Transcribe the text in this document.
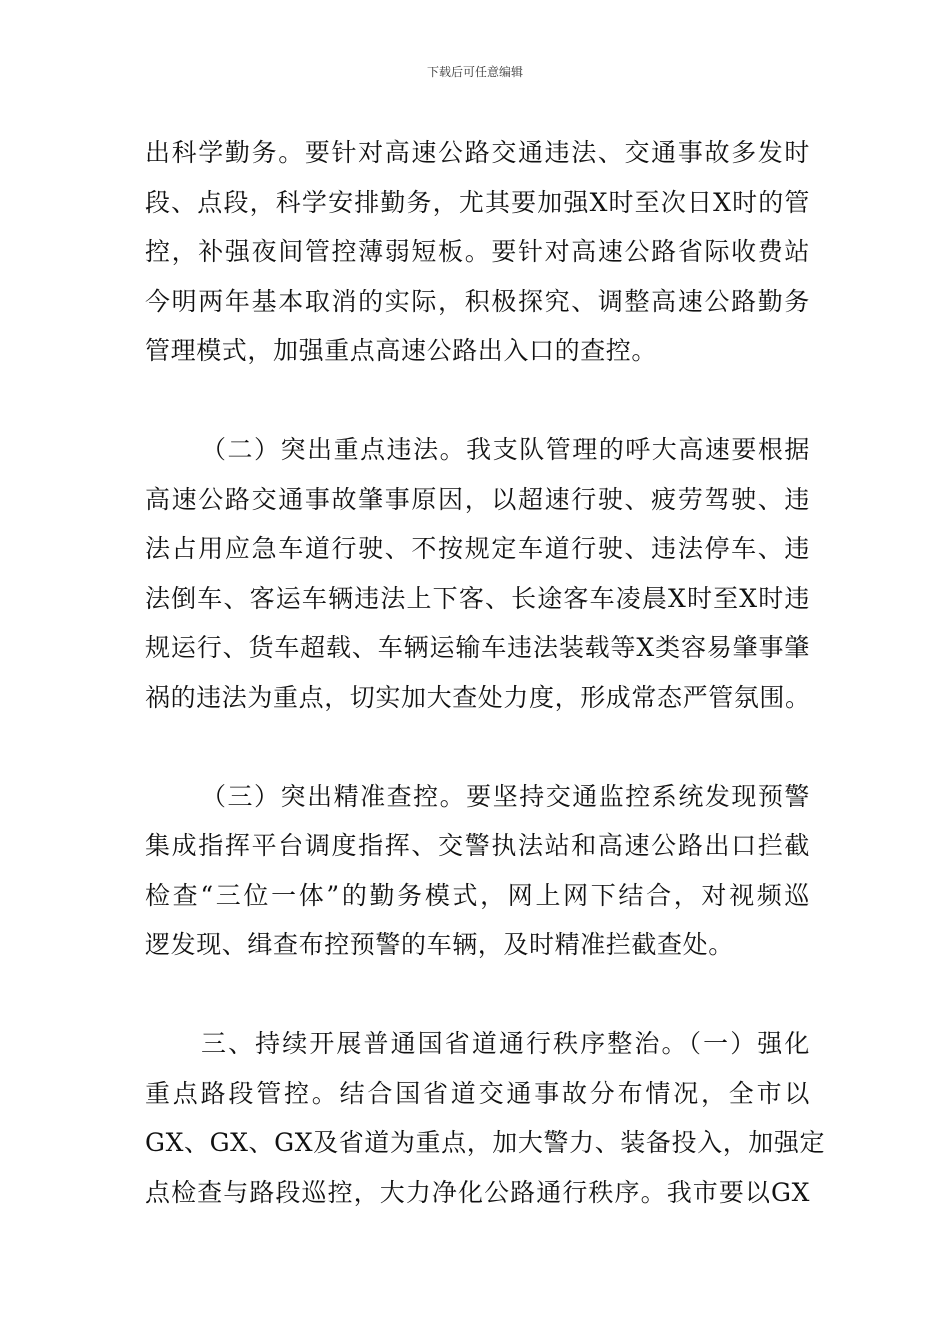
下载后可任意编辑
出科学勤务。要针对高速公路交通违法、交通事故多发时
段、点段，科学安排勤务，尤其要加强X时至次日X时的管
控，补强夜间管控薄弱短板。要针对高速公路省际收费站
今明两年基本取消的实际，积极探究、调整高速公路勤务
管理模式，加强重点高速公路出入口的查控。
（二）突出重点违法。我支队管理的呼大高速要根据
高速公路交通事故肇事原因，以超速行驶、疲劳驾驶、违
法占用应急车道行驶、不按规定车道行驶、违法停车、违
法倒车、客运车辆违法上下客、长途客车凌晨X时至X时违
规运行、货车超载、车辆运输车违法装载等X类容易肇事肇
祸的违法为重点，切实加大查处力度，形成常态严管氛围。
（三）突出精准查控。要坚持交通监控系统发现预警
集成指挥平台调度指挥、交警执法站和高速公路出口拦截
检查“三位一体”的勤务模式，网上网下结合，对视频巡
逻发现、缉查布控预警的车辆，及时精准拦截查处。
三、持续开展普通国省道通行秩序整治。（一）强化
重点路段管控。结合国省道交通事故分布情况，全市以
GX、GX、GX及省道为重点，加大警力、装备投入，加强定
点检查与路段巡控，大力净化公路通行秩序。我市要以GX
